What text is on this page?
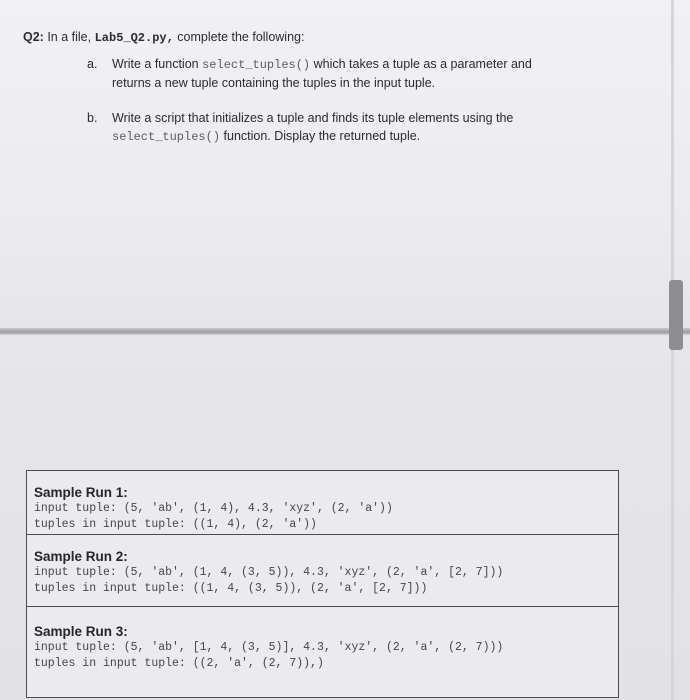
Q2: In a file, Lab5_Q2.py, complete the following:
a. Write a function select_tuples() which takes a tuple as a parameter and
returns a new tuple containing the tuples in the input tuple.
b. Write a script that initializes a tuple and finds its tuple elements using the
select_tuples() function. Display the returned tuple.
Sample Run 1:
input tuple: (5, 'ab', (1, 4), 4.3, 'xyz', (2, 'a'))
tuples in input tuple: ((1, 4), (2, 'a'))
Sample Run 2:
input tuple: (5, 'ab', (1, 4, (3, 5)), 4.3, 'xyz', (2, 'a', [2, 7]))
tuples in input tuple: ((1, 4, (3, 5)), (2, 'a', [2, 7]))
Sample Run 3:
input tuple: (5, 'ab', [1, 4, (3, 5)], 4.3, 'xyz', (2, 'a', (2, 7)))
tuples in input tuple: ((2, 'a', (2, 7)),)
